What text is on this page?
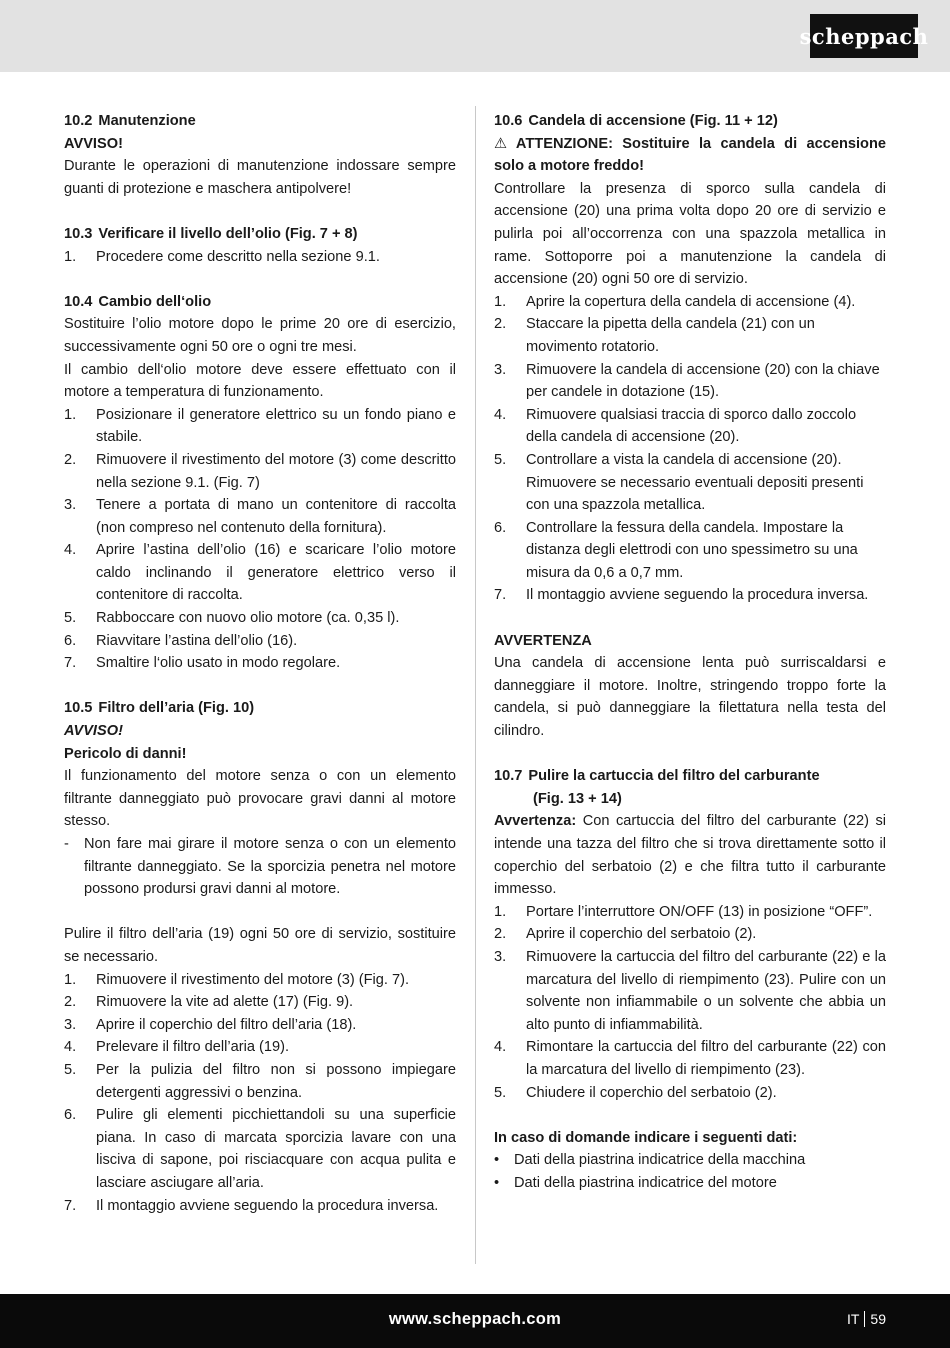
scheppach

10.2 Manutenzione

AVVISO!

Durante le operazioni di manutenzione indossare sempre guanti di protezione e maschera antipolvere!

10.3 Verificare il livello dell’olio (Fig. 7 + 8)

1. Procedere come descritto nella sezione 9.1.

10.4 Cambio dell‘olio

Sostituire l’olio motore dopo le prime 20 ore di esercizio, successivamente ogni 50 ore o ogni tre mesi.

Il cambio dell‘olio motore deve essere effettuato con il motore a temperatura di funzionamento.

1. Posizionare il generatore elettrico su un fondo piano e stabile.
2. Rimuovere il rivestimento del motore (3) come descritto nella sezione 9.1. (Fig. 7)
3. Tenere a portata di mano un contenitore di raccolta (non compreso nel contenuto della fornitura).
4. Aprire l’astina dell’olio (16) e scaricare l’olio motore caldo inclinando il generatore elettrico verso il contenitore di raccolta.
5. Rabboccare con nuovo olio motore (ca. 0,35 l).
6. Riavvitare l’astina dell’olio (16).
7. Smaltire l‘olio usato in modo regolare.

10.5 Filtro dell’aria (Fig. 10)

AVVISO!

Pericolo di danni!

Il funzionamento del motore senza o con un elemento filtrante danneggiato può provocare gravi danni al motore stesso.

- Non fare mai girare il motore senza o con un elemento filtrante danneggiato. Se la sporcizia penetra nel motore possono prodursi gravi danni al motore.

Pulire il filtro dell’aria (19) ogni 50 ore di servizio, sostituire se necessario.

1. Rimuovere il rivestimento del motore (3) (Fig. 7).
2. Rimuovere la vite ad alette (17) (Fig. 9).
3. Aprire il coperchio del filtro dell’aria (18).
4. Prelevare il filtro dell’aria (19).
5. Per la pulizia del filtro non si possono impiegare detergenti aggressivi o benzina.
6. Pulire gli elementi picchiettandoli su una superficie piana. In caso di marcata sporcizia lavare con una lisciva di sapone, poi risciacquare con acqua pulita e lasciare asciugare all’aria.
7. Il montaggio avviene seguendo la procedura inversa.

10.6 Candela di accensione (Fig. 11 + 12)

⚠ ATTENZIONE: Sostituire la candela di accensione solo a motore freddo!

Controllare la presenza di sporco sulla candela di accensione (20) una prima volta dopo 20 ore di servizio e pulirla poi all’occorrenza con una spazzola metallica in rame. Sottoporre poi a manutenzione la candela di accensione (20) ogni 50 ore di servizio.

1. Aprire la copertura della candela di accensione (4).
2. Staccare la pipetta della candela (21) con un movimento rotatorio.
3. Rimuovere la candela di accensione (20) con la chiave per candele in dotazione (15).
4. Rimuovere qualsiasi traccia di sporco dallo zoccolo della candela di accensione (20).
5. Controllare a vista la candela di accensione (20). Rimuovere se necessario eventuali depositi presenti con una spazzola metallica.
6. Controllare la fessura della candela. Impostare la distanza degli elettrodi con uno spessimetro su una misura da 0,6 a 0,7 mm.
7. Il montaggio avviene seguendo la procedura inversa.

AVVERTENZA

Una candela di accensione lenta può surriscaldarsi e danneggiare il motore. Inoltre, stringendo troppo forte la candela, si può danneggiare la filettatura nella testa del cilindro.

10.7 Pulire la cartuccia del filtro del carburante

(Fig. 13 + 14)

Avvertenza: Con cartuccia del filtro del carburante (22) si intende una tazza del filtro che si trova direttamente sotto il coperchio del serbatoio (2) e che filtra tutto il carburante immesso.

1. Portare l’interruttore ON/OFF (13) in posizione “OFF”.
2. Aprire il coperchio del serbatoio (2).
3. Rimuovere la cartuccia del filtro del carburante (22) e la marcatura del livello di riempimento (23). Pulire con un solvente non infiammabile o un solvente che abbia un alto punto di infiammabilità.
4. Rimontare la cartuccia del filtro del carburante (22) con la marcatura del livello di riempimento (23).
5. Chiudere il coperchio del serbatoio (2).

In caso di domande indicare i seguenti dati:

• Dati della piastrina indicatrice della macchina
• Dati della piastrina indicatrice del motore
www.scheppach.com	IT 59
